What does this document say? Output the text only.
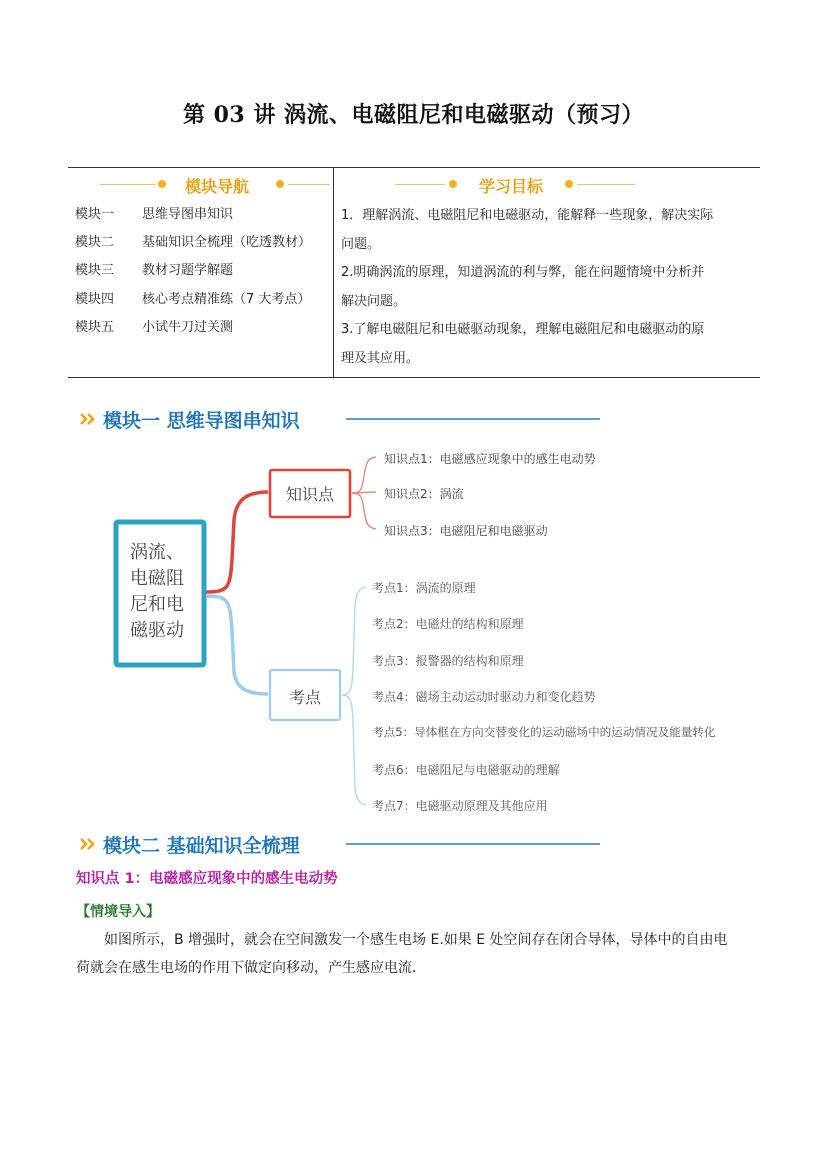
第 03 讲 涡流、电磁阻尼和电磁驱动（预习）
模块导航
模块一 思维导图串知识
模块二 基础知识全梳理（吃透教材）
模块三 教材习题学解题
模块四 核心考点精准练（7 大考点）
模块五 小试牛刀过关测
学习目标
1．理解涡流、电磁阻尼和电磁驱动，能解释一些现象，解决实际
问题。
2.明确涡流的原理，知道涡流的利与弊，能在问题情境中分析并
解决问题。
3.了解电磁阻尼和电磁驱动现象，理解电磁阻尼和电磁驱动的原
理及其应用。
模块一 思维导图串知识
涡流、
电磁阻
尼和电
磁驱动
知识点
考点
知识点1：电磁感应现象中的感生电动势
知识点2：涡流
知识点3：电磁阻尼和电磁驱动
考点1：涡流的原理
考点2：电磁灶的结构和原理
考点3：报警器的结构和原理
考点4：磁场主动运动时驱动力和变化趋势
考点5：导体框在方向交替变化的运动磁场中的运动情况及能量转化
考点6：电磁阻尼与电磁驱动的理解
考点7：电磁驱动原理及其他应用
模块二 基础知识全梳理
知识点 1：电磁感应现象中的感生电动势
【情境导入】
如图所示，B 增强时，就会在空间激发一个感生电场 E.如果 E 处空间存在闭合导体，导体中的自由电
荷就会在感生电场的作用下做定向移动，产生感应电流．
